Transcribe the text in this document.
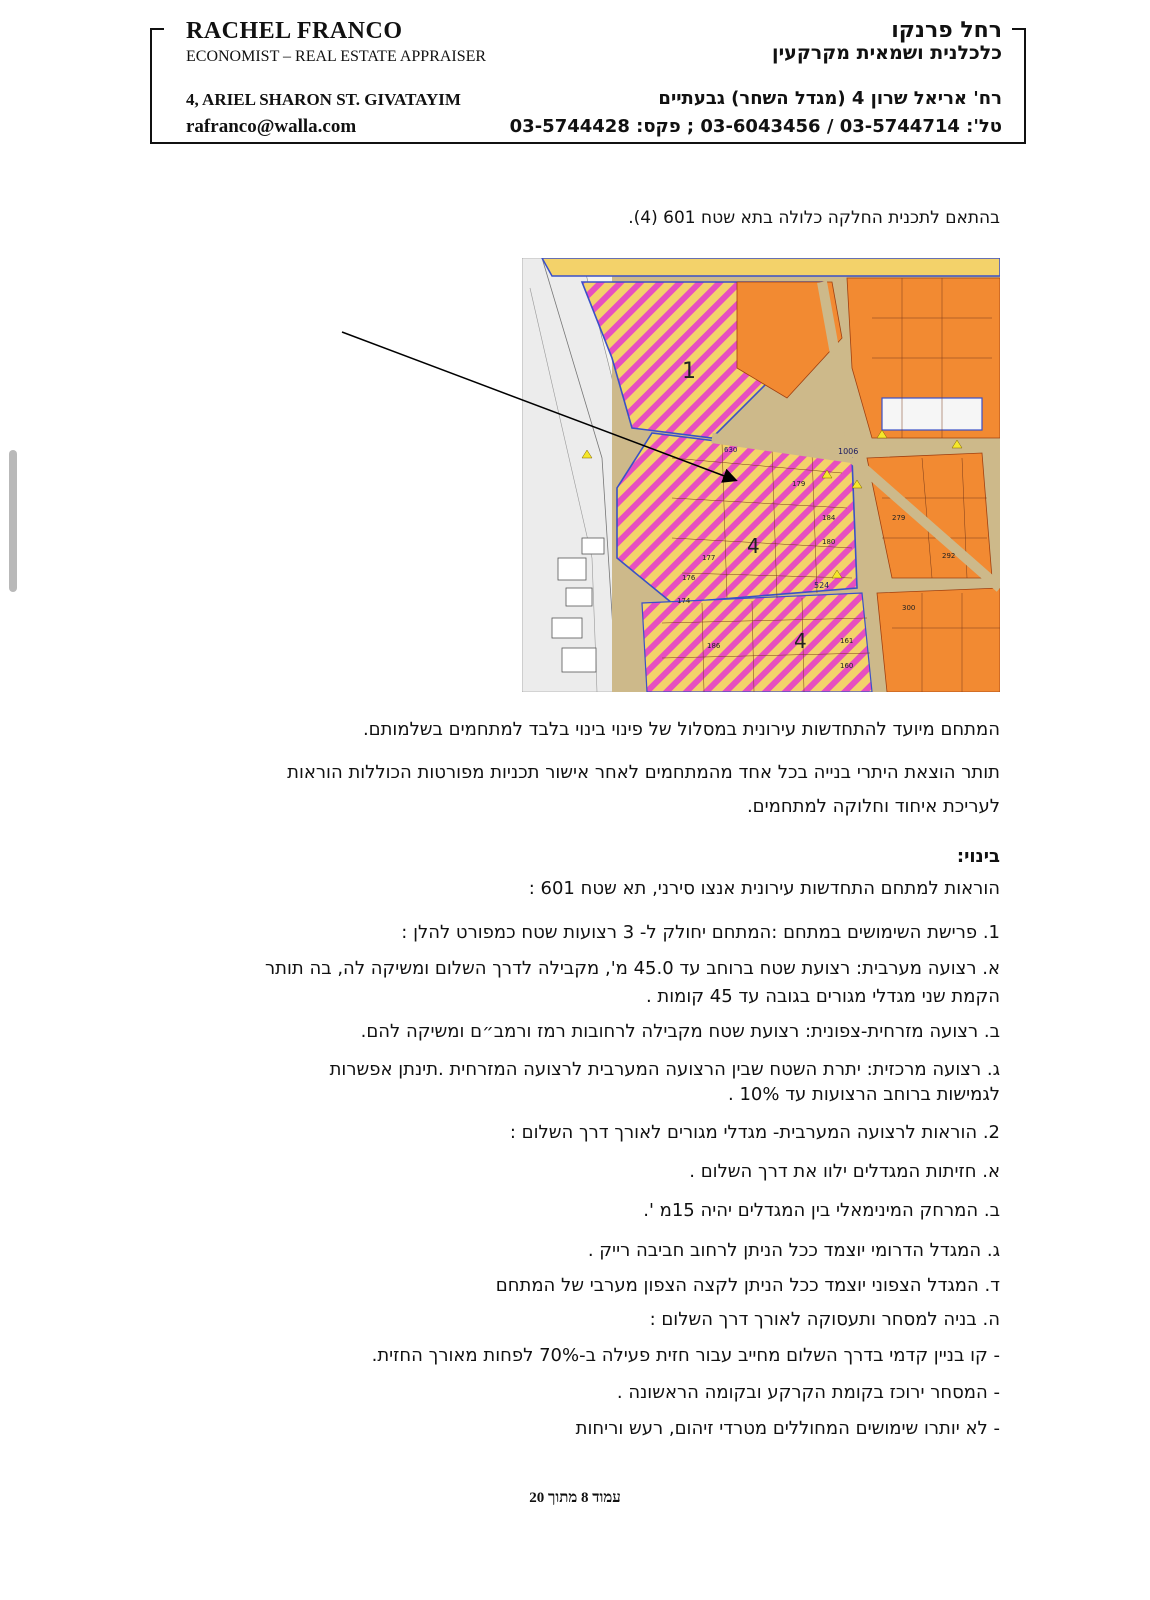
RACHEL FRANCO
ECONOMIST – REAL ESTATE APPRAISER
4, ARIEL SHARON ST. GIVATAYIM
rafranco@walla.com
רחל פרנקו
כלכלנית ושמאית מקרקעין
רח' אריאל שרון 4 (מגדל השחר) גבעתיים
טל': 03-5744714 / 03-6043456 ; פקס: 03-5744428
בהתאם לתכנית החלקה כלולה בתא שטח 601 (4).
1
4
4
1006
524
630
179
180
184
177
176
174
186
161
160
279
300
292
המתחם מיועד להתחדשות עירונית במסלול של פינוי בינוי בלבד למתחמים בשלמותם.
תותר הוצאת היתרי בנייה בכל אחד מהמתחמים לאחר אישור תכניות מפורטות הכוללות הוראות
לעריכת איחוד וחלוקה למתחמים.
בינוי:
הוראות למתחם התחדשות עירונית אנצו סירני, תא שטח 601 :
1. פרישת השימושים במתחם :המתחם יחולק ל- 3 רצועות שטח כמפורט להלן :
א. רצועה מערבית: רצועת שטח ברוחב עד 45.0 מ', מקבילה לדרך השלום ומשיקה לה, בה תותר
הקמת שני מגדלי מגורים בגובה עד 45 קומות .
ב. רצועה מזרחית-צפונית: רצועת שטח מקבילה לרחובות רמז ורמב״ם ומשיקה להם.
ג. רצועה מרכזית: יתרת השטח שבין הרצועה המערבית לרצועה המזרחית .תינתן אפשרות
לגמישות ברוחב הרצועות עד 10% .
2. הוראות לרצועה המערבית- מגדלי מגורים לאורך דרך השלום :
א. חזיתות המגדלים ילוו את דרך השלום .
ב. המרחק המינימאלי בין המגדלים יהיה 15מ '.
ג. המגדל הדרומי יוצמד ככל הניתן לרחוב חביבה רייק .
ד. המגדל הצפוני יוצמד ככל הניתן לקצה הצפון מערבי של המתחם
ה. בניה למסחר ותעסוקה לאורך דרך השלום :
- קו בניין קדמי בדרך השלום מחייב עבור חזית פעילה ב-70% לפחות מאורך החזית.
- המסחר ירוכז בקומת הקרקע ובקומה הראשונה .
- לא יותרו שימושים המחוללים מטרדי זיהום, רעש וריחות
עמוד 8 מתוך 20
